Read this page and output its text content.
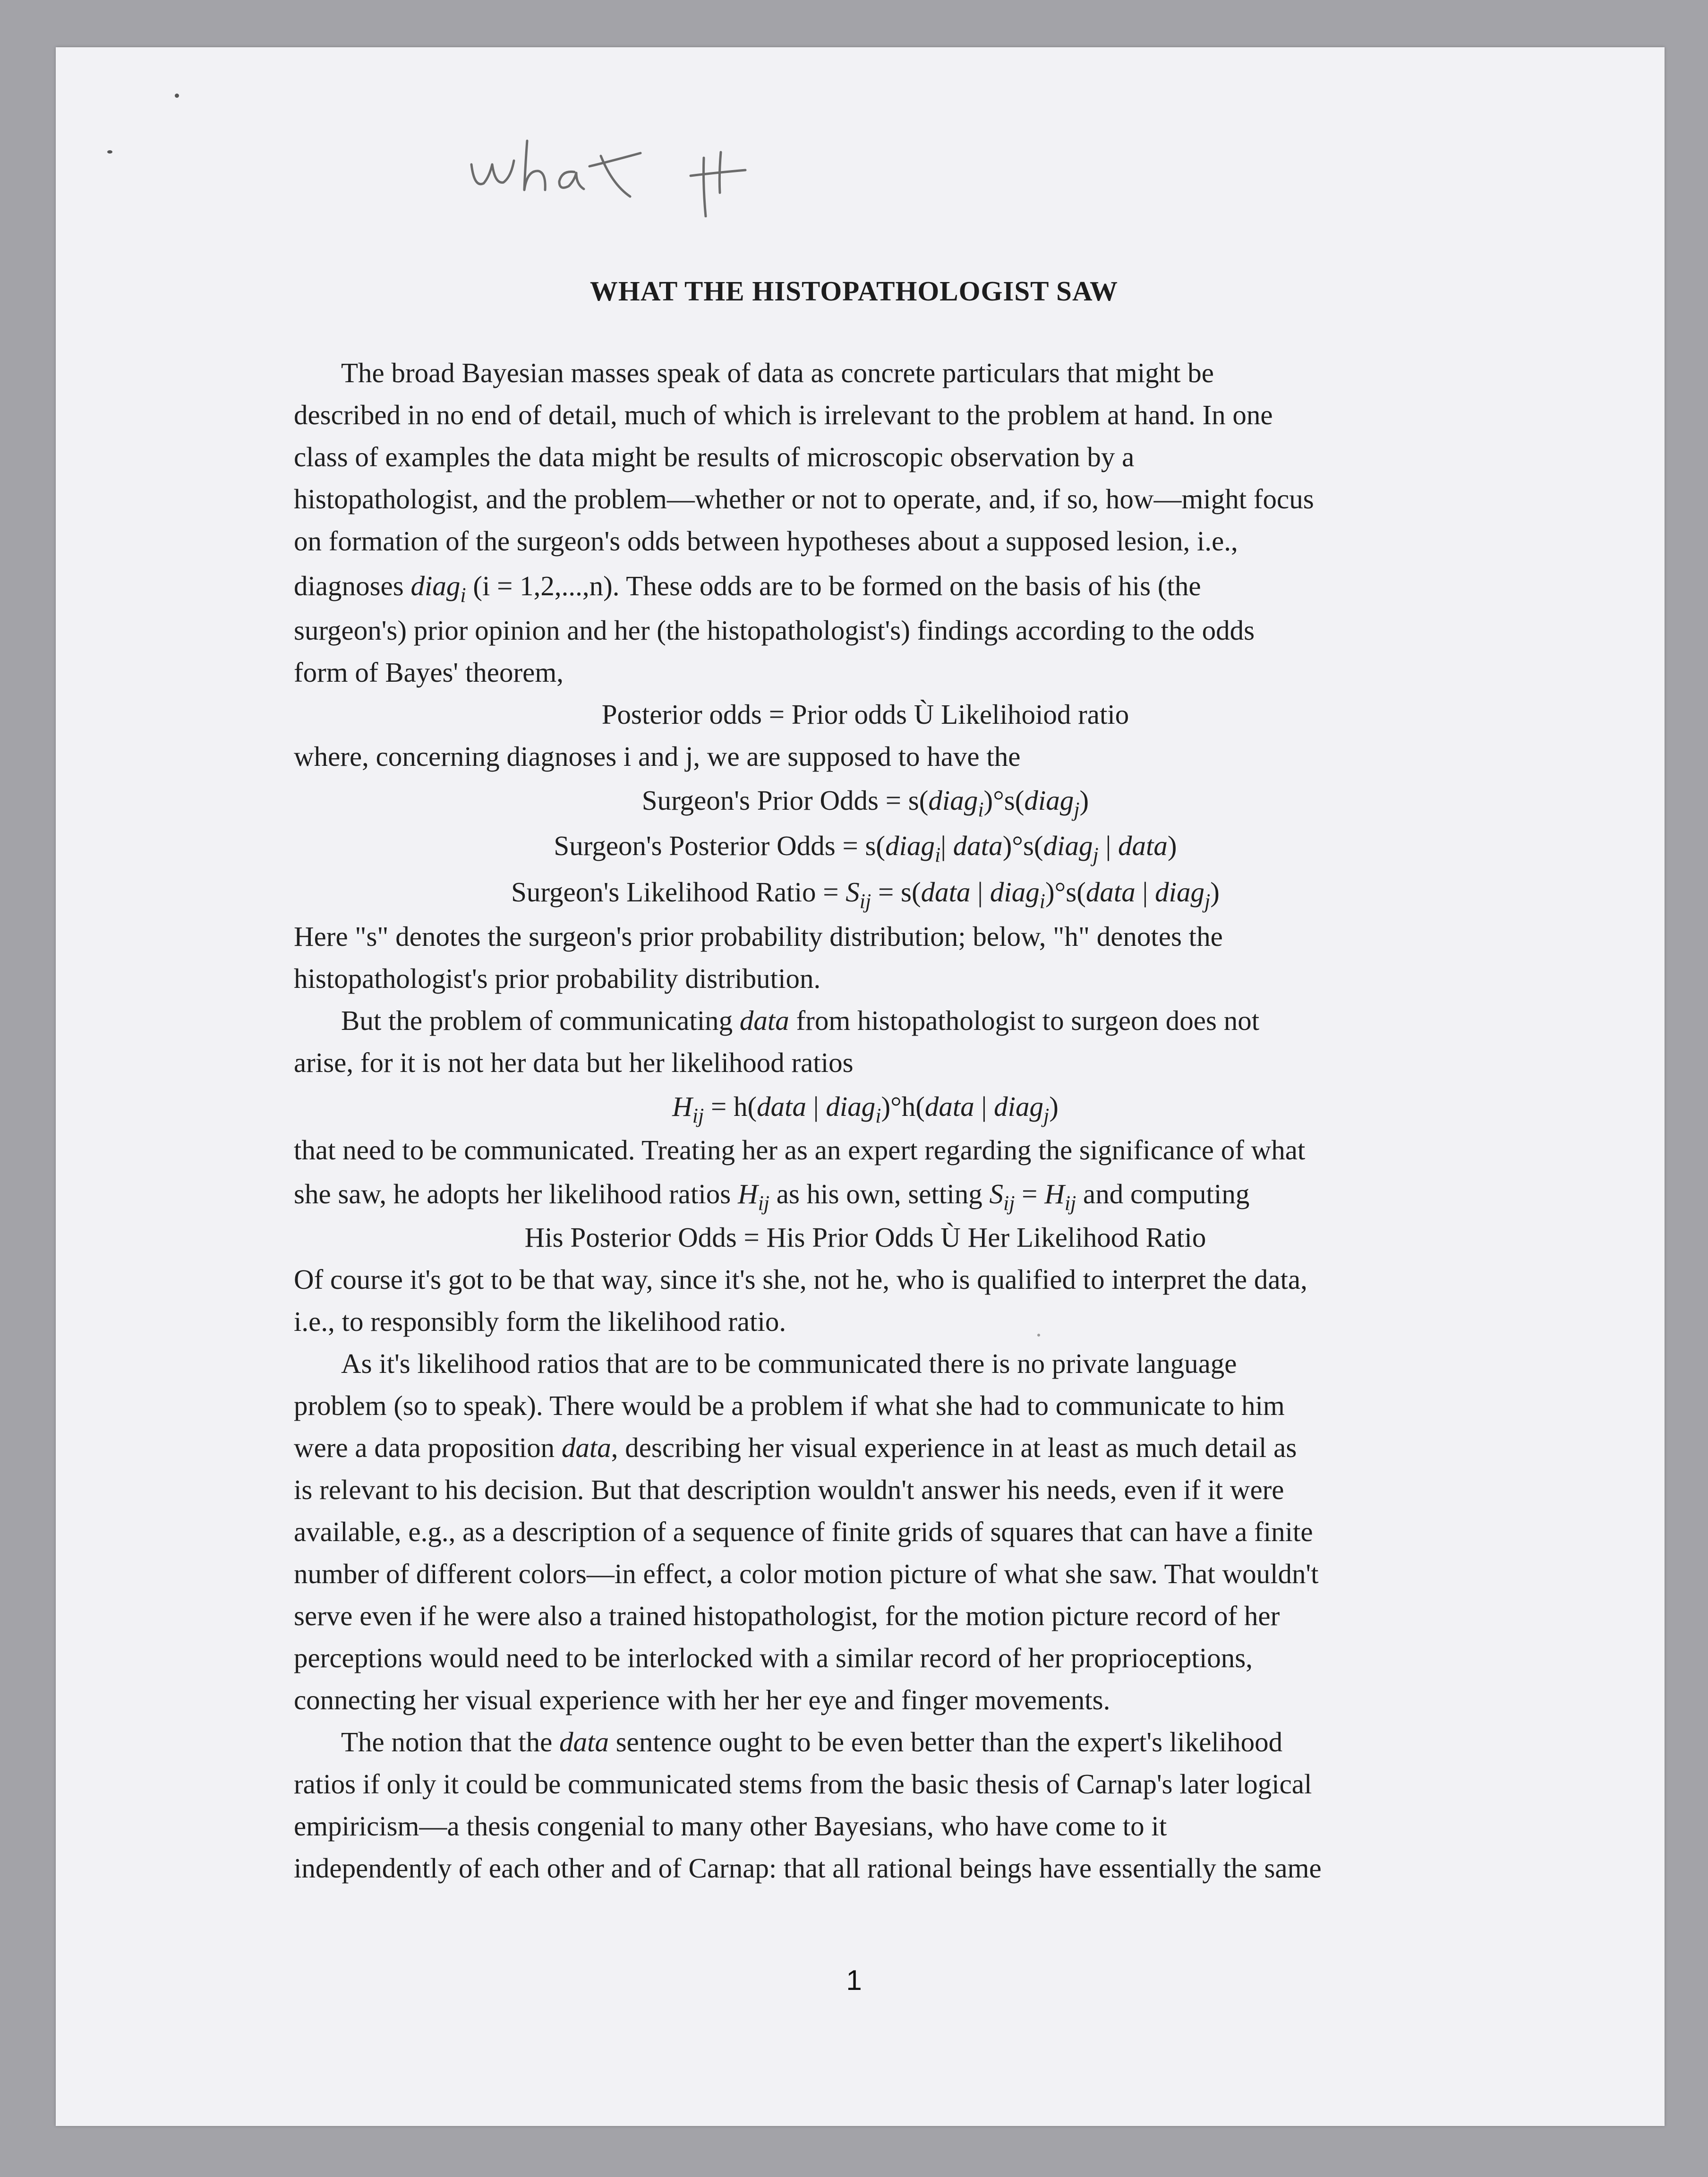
WHAT THE HISTOPATHOLOGIST SAW

The broad Bayesian masses speak of data as concrete particulars that might be

described in no end of detail, much of which is irrelevant to the problem at hand. In one

class of examples the data might be results of microscopic observation by a

histopathologist, and the problem—whether or not to operate, and, if so, how—might focus

on formation of the surgeon's odds between hypotheses about a supposed lesion, i.e.,

diagnoses diag$_i$ (i = 1,2,...,n). These odds are to be formed on the basis of his (the

surgeon's) prior opinion and her (the histopathologist's) findings according to the odds

form of Bayes' theorem,

Posterior odds = Prior odds Ù Likelihoiod ratio

where, concerning diagnoses i and j, we are supposed to have the

Surgeon's Prior Odds = s(diag$_i$)°s(diag$_j$)

Surgeon's Posterior Odds = s(diag$_i$| data)°s(diag$_j$ | data)

Surgeon's Likelihood Ratio = $S_{ij}$ = s(data | diag$_i$)°s(data | diag$_j$)

Here "s" denotes the surgeon's prior probability distribution; below, "h" denotes the

histopathologist's prior probability distribution.

But the problem of communicating data from histopathologist to surgeon does not

arise, for it is not her data but her likelihood ratios

$H_{ij}$ = h(data | diag$_i$)°h(data | diag$_j$)

that need to be communicated. Treating her as an expert regarding the significance of what

she saw, he adopts her likelihood ratios $H_{ij}$ as his own, setting $S_{ij} = H_{ij}$ and computing

His Posterior Odds = His Prior Odds Ù Her Likelihood Ratio

Of course it's got to be that way, since it's she, not he, who is qualified to interpret the data,

i.e., to responsibly form the likelihood ratio.

As it's likelihood ratios that are to be communicated there is no private language

problem (so to speak). There would be a problem if what she had to communicate to him

were a data proposition data, describing her visual experience in at least as much detail as

is relevant to his decision. But that description wouldn't answer his needs, even if it were

available, e.g., as a description of a sequence of finite grids of squares that can have a finite

number of different colors—in effect, a color motion picture of what she saw. That wouldn't

serve even if he were also a trained histopathologist, for the motion picture record of her

perceptions would need to be interlocked with a similar record of her proprioceptions,

connecting her visual experience with her her eye and finger movements.

The notion that the data sentence ought to be even better than the expert's likelihood

ratios if only it could be communicated stems from the basic thesis of Carnap's later logical

empiricism—a thesis congenial to many other Bayesians, who have come to it

independently of each other and of Carnap: that all rational beings have essentially the same

1
